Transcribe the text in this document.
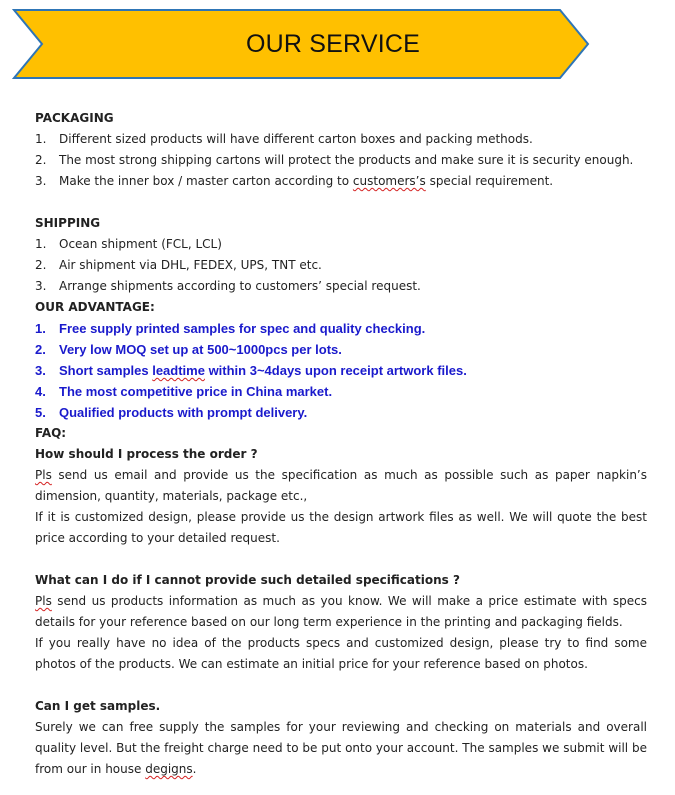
OUR SERVICE
PACKAGING
1.	Different sized products will have different carton boxes and packing methods.
2.	The most strong shipping cartons will protect the products and make sure it is security enough.
3.	Make the inner box / master carton according to customers’s special requirement.
SHIPPING
1.	Ocean shipment (FCL, LCL)
2.	Air shipment via DHL, FEDEX, UPS, TNT etc.
3.	Arrange shipments according to customers’ special request.
OUR ADVANTAGE:
1.	Free supply printed samples for spec and quality checking.
2.	Very low MOQ set up at 500~1000pcs per lots.
3.	Short samples leadtime within 3~4days upon receipt artwork files.
4.	The most competitive price in China market.
5.	Qualified products with prompt delivery.
FAQ:
How should I process the order ?
Pls send us email and provide us the specification as much as possible such as paper napkin’s dimension, quantity, materials, package etc.,
If it is customized design, please provide us the design artwork files as well. We will quote the best price according to your detailed request.
What can I do if I cannot provide such detailed specifications ?
Pls send us products information as much as you know. We will make a price estimate with specs details for your reference based on our long term experience in the printing and packaging fields.
If you really have no idea of the products specs and customized design, please try to find some photos of the products. We can estimate an initial price for your reference based on photos.
Can I get samples.
Surely we can free supply the samples for your reviewing and checking on materials and overall quality level. But the freight charge need to be put onto your account. The samples we submit will be from our in house degigns.
